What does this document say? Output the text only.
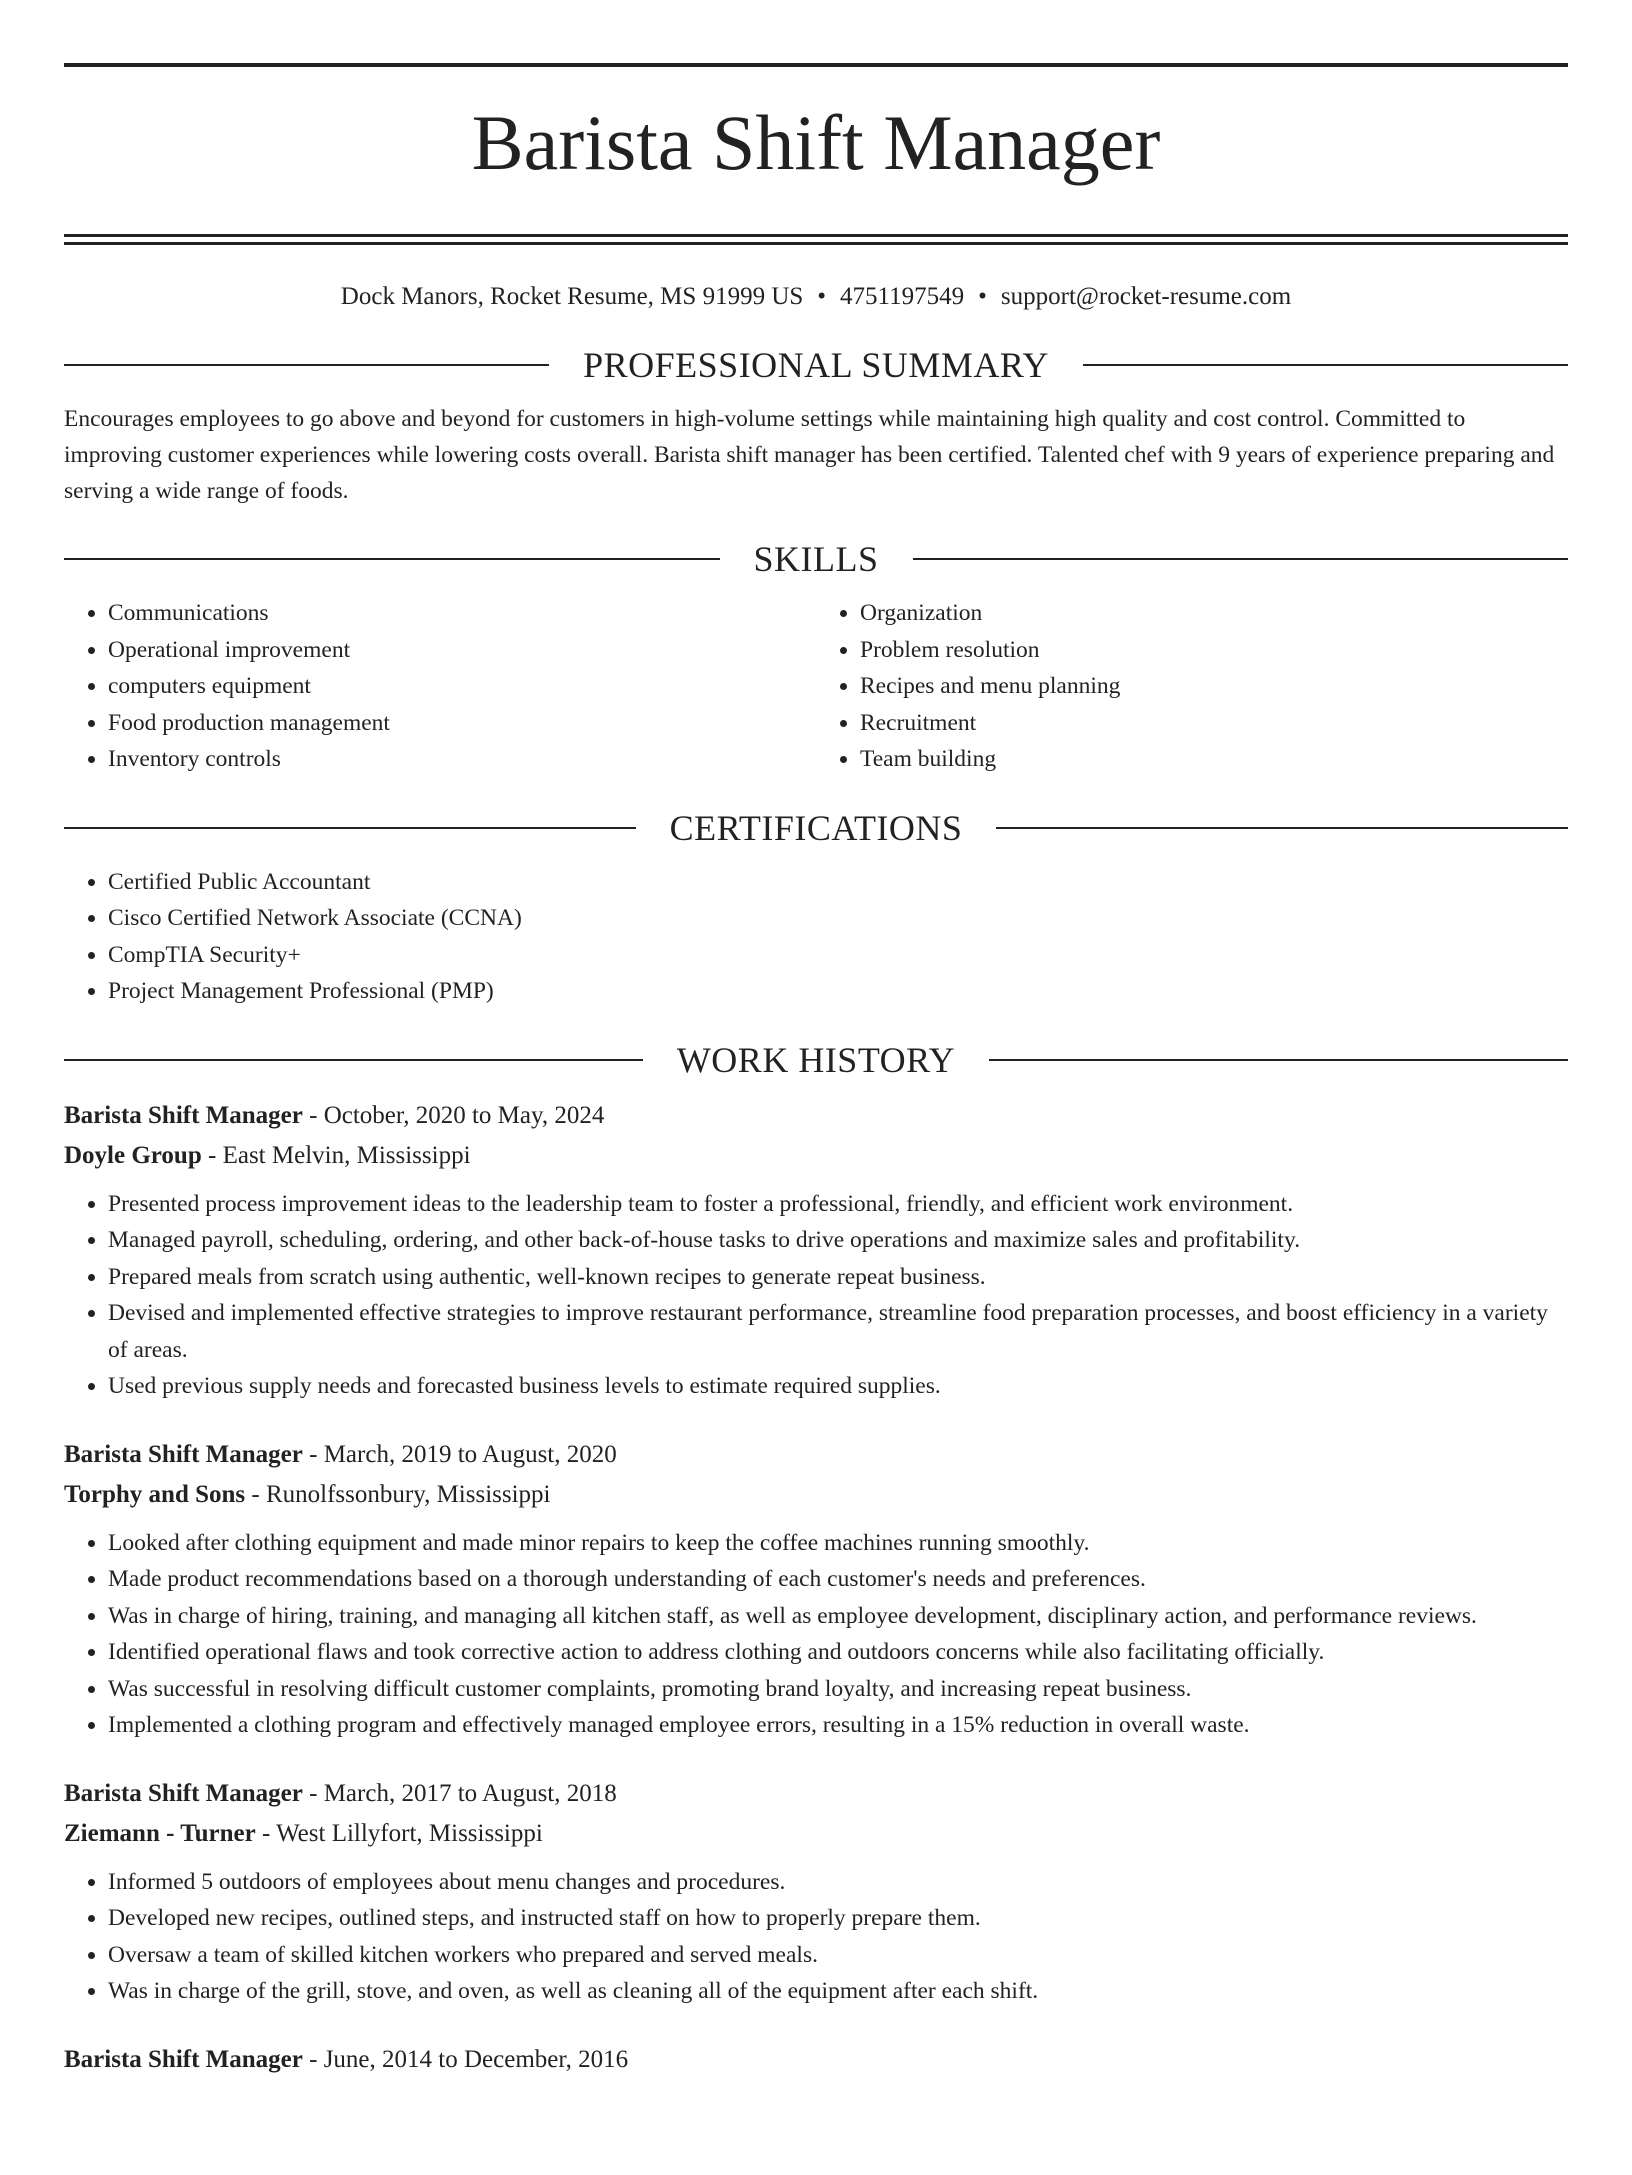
Barista Shift Manager
Dock Manors, Rocket Resume, MS 91999 US • 4751197549 • support@rocket-resume.com
PROFESSIONAL SUMMARY
Encourages employees to go above and beyond for customers in high-volume settings while maintaining high quality and cost control. Committed to improving customer experiences while lowering costs overall. Barista shift manager has been certified. Talented chef with 9 years of experience preparing and serving a wide range of foods.
SKILLS
• Communications
• Operational improvement
• computers equipment
• Food production management
• Inventory controls
• Organization
• Problem resolution
• Recipes and menu planning
• Recruitment
• Team building
CERTIFICATIONS
• Certified Public Accountant
• Cisco Certified Network Associate (CCNA)
• CompTIA Security+
• Project Management Professional (PMP)
WORK HISTORY
Barista Shift Manager - October, 2020 to May, 2024
Doyle Group - East Melvin, Mississippi
• Presented process improvement ideas to the leadership team to foster a professional, friendly, and efficient work environment.
• Managed payroll, scheduling, ordering, and other back-of-house tasks to drive operations and maximize sales and profitability.
• Prepared meals from scratch using authentic, well-known recipes to generate repeat business.
• Devised and implemented effective strategies to improve restaurant performance, streamline food preparation processes, and boost efficiency in a variety of areas.
• Used previous supply needs and forecasted business levels to estimate required supplies.
Barista Shift Manager - March, 2019 to August, 2020
Torphy and Sons - Runolfssonbury, Mississippi
• Looked after clothing equipment and made minor repairs to keep the coffee machines running smoothly.
• Made product recommendations based on a thorough understanding of each customer's needs and preferences.
• Was in charge of hiring, training, and managing all kitchen staff, as well as employee development, disciplinary action, and performance reviews.
• Identified operational flaws and took corrective action to address clothing and outdoors concerns while also facilitating officially.
• Was successful in resolving difficult customer complaints, promoting brand loyalty, and increasing repeat business.
• Implemented a clothing program and effectively managed employee errors, resulting in a 15% reduction in overall waste.
Barista Shift Manager - March, 2017 to August, 2018
Ziemann - Turner - West Lillyfort, Mississippi
• Informed 5 outdoors of employees about menu changes and procedures.
• Developed new recipes, outlined steps, and instructed staff on how to properly prepare them.
• Oversaw a team of skilled kitchen workers who prepared and served meals.
• Was in charge of the grill, stove, and oven, as well as cleaning all of the equipment after each shift.
Barista Shift Manager - June, 2014 to December, 2016
